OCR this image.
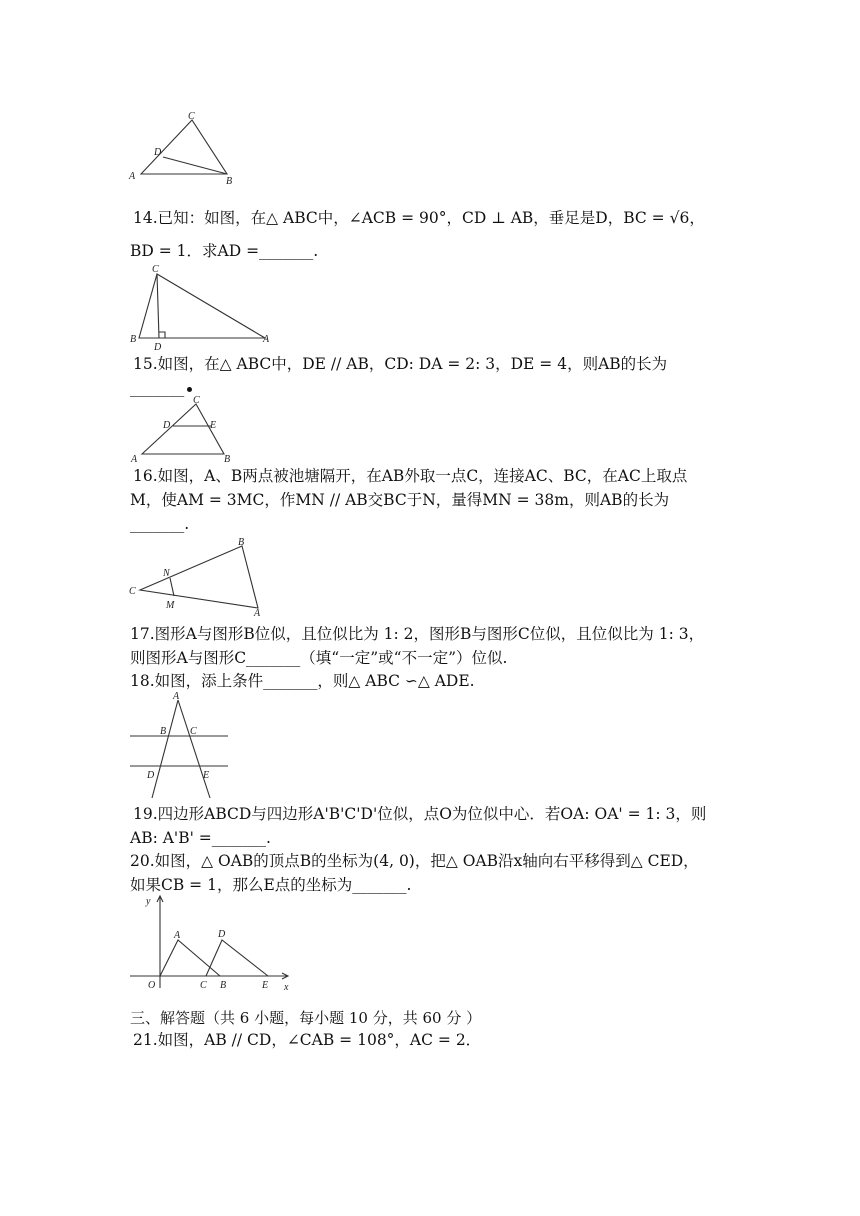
A
C
D
B
14.已知：如图，在△ ABC中，∠ACB = 90°，CD ⊥ AB，垂足是D，BC = √6，
BD = 1．求AD =_______.
C
B
D
A
15.如图，在△ ABC中，DE // AB，CD: DA = 2: 3，DE = 4，则AB的长为
_______
C
D	E
A	B
16.如图，A、B两点被池塘隔开，在AB外取一点C，连接AC、BC，在AC上取点
M，使AM = 3MC，作MN // AB交BC于N，量得MN = 38m，则AB的长为
_______.
B
N
C
M
A
17.图形A与图形B位似，且位似比为 1: 2，图形B与图形C位似，且位似比为 1: 3，
则图形A与图形C_______（填“一定”或“不一定”）位似.
18.如图，添上条件_______，则△ ABC ∽△ ADE.
A
B C
D	E
19.四边形ABCD与四边形A'B'C'D'位似，点O为位似中心．若OA: OA' = 1: 3，则
AB: A'B' =_______.
20.如图，△ OAB的顶点B的坐标为(4, 0)，把△ OAB沿x轴向右平移得到△ CED，
如果CB = 1，那么E点的坐标为_______.
y
x
O
A	D
C B	E
三、解答题（共 6 小题，每小题 10 分，共 60 分 ）
21.如图，AB // CD，∠CAB = 108°，AC = 2．
